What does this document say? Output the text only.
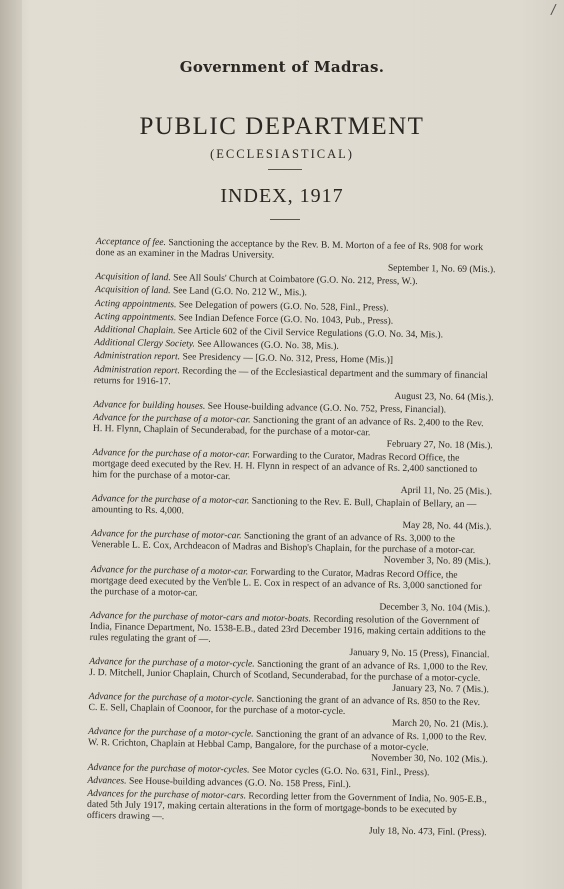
/
Government of Madras.
PUBLIC DEPARTMENT
(ECCLESIASTICAL)
INDEX, 1917
Acceptance of fee. Sanctioning the acceptance by the Rev. B. M. Morton of a fee of Rs. 908 for work done as an examiner in the Madras University.
September 1, No. 69 (Mis.).
Acquisition of land. See All Souls' Church at Coimbatore (G.O. No. 212, Press, W.).
Acquisition of land. See Land (G.O. No. 212 W., Mis.).
Acting appointments. See Delegation of powers (G.O. No. 528, Finl., Press).
Acting appointments. See Indian Defence Force (G.O. No. 1043, Pub., Press).
Additional Chaplain. See Article 602 of the Civil Service Regulations (G.O. No. 34, Mis.).
Additional Clergy Society. See Allowances (G.O. No. 38, Mis.).
Administration report. See Presidency — [G.O. No. 312, Press, Home (Mis.)]
Administration report. Recording the — of the Ecclesiastical department and the summary of financial returns for 1916-17.
August 23, No. 64 (Mis.).
Advance for building houses. See House-building advance (G.O. No. 752, Press, Financial).
Advance for the purchase of a motor-car. Sanctioning the grant of an advance of Rs. 2,400 to the Rev. H. H. Flynn, Chaplain of Secunderabad, for the purchase of a motor-car.
February 27, No. 18 (Mis.).
Advance for the purchase of a motor-car. Forwarding to the Curator, Madras Record Office, the mortgage deed executed by the Rev. H. H. Flynn in respect of an advance of Rs. 2,400 sanctioned to him for the purchase of a motor-car.
April 11, No. 25 (Mis.).
Advance for the purchase of a motor-car. Sanctioning to the Rev. E. Bull, Chaplain of Bellary, an — amounting to Rs. 4,000.
May 28, No. 44 (Mis.).
Advance for the purchase of motor-car. Sanctioning the grant of an advance of Rs. 3,000 to the Venerable L. E. Cox, Archdeacon of Madras and Bishop's Chaplain, for the purchase of a motor-car.
November 3, No. 89 (Mis.).
Advance for the purchase of a motor-car. Forwarding to the Curator, Madras Record Office, the mortgage deed executed by the Ven'ble L. E. Cox in respect of an advance of Rs. 3,000 sanctioned for the purchase of a motor-car.
December 3, No. 104 (Mis.).
Advance for the purchase of motor-cars and motor-boats. Recording resolution of the Government of India, Finance Department, No. 1538-E.B., dated 23rd December 1916, making certain additions to the rules regulating the grant of —.
January 9, No. 15 (Press), Financial.
Advance for the purchase of a motor-cycle. Sanctioning the grant of an advance of Rs. 1,000 to the Rev. J. D. Mitchell, Junior Chaplain, Church of Scotland, Secunderabad, for the purchase of a motor-cycle.
January 23, No. 7 (Mis.).
Advance for the purchase of a motor-cycle. Sanctioning the grant of an advance of Rs. 850 to the Rev. C. E. Sell, Chaplain of Coonoor, for the purchase of a motor-cycle.
March 20, No. 21 (Mis.).
Advance for the purchase of a motor-cycle. Sanctioning the grant of an advance of Rs. 1,000 to the Rev. W. R. Crichton, Chaplain at Hebbal Camp, Bangalore, for the purchase of a motor-cycle.
November 30, No. 102 (Mis.).
Advance for the purchase of motor-cycles. See Motor cycles (G.O. No. 631, Finl., Press).
Advances. See House-building advances (G.O. No. 158 Press, Finl.).
Advances for the purchase of motor-cars. Recording letter from the Government of India, No. 905-E.B., dated 5th July 1917, making certain alterations in the form of mortgage-bonds to be executed by officers drawing —.
July 18, No. 473, Finl. (Press).
